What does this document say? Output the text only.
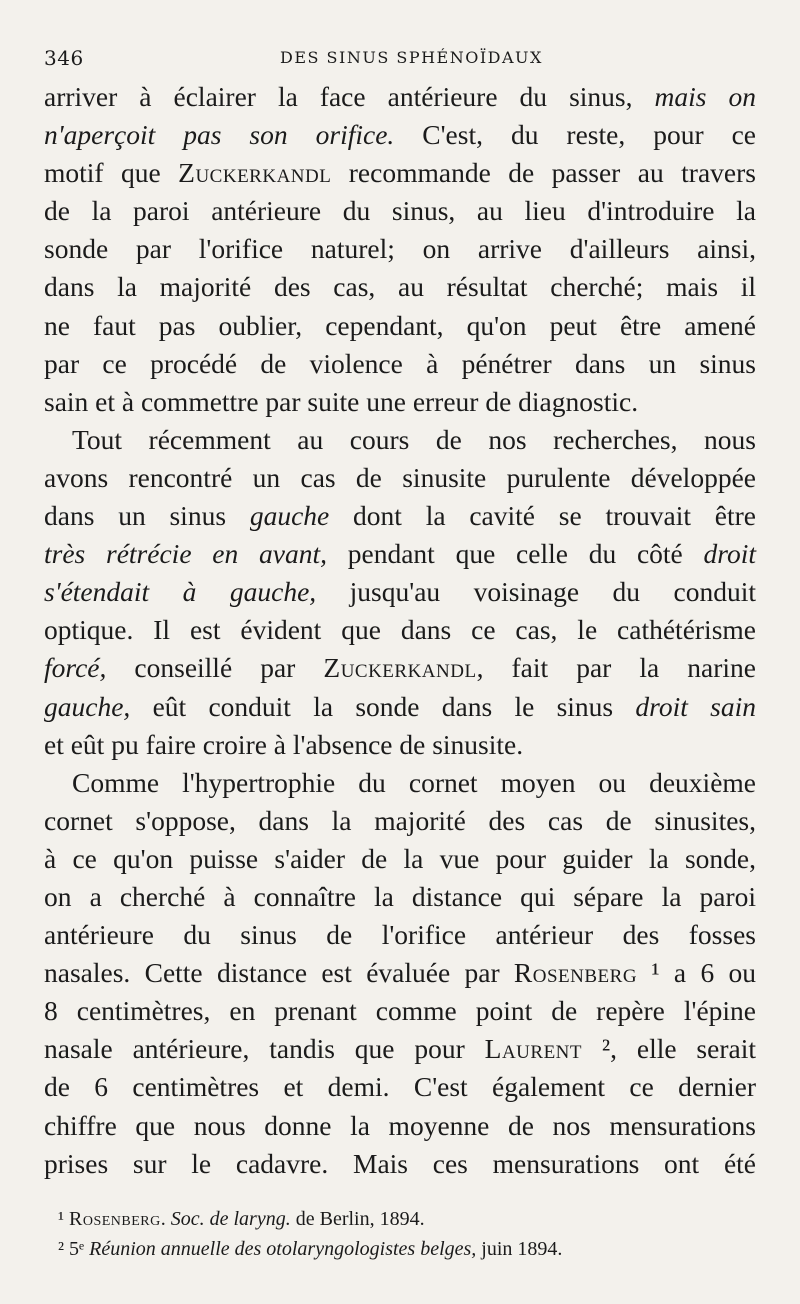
346	DES SINUS SPHÉNOÏDAUX
arriver à éclairer la face antérieure du sinus, mais on
n'aperçoit pas son orifice. C'est, du reste, pour ce
motif que Zuckerkandl recommande de passer au travers
de la paroi antérieure du sinus, au lieu d'introduire la
sonde par l'orifice naturel; on arrive d'ailleurs ainsi,
dans la majorité des cas, au résultat cherché; mais il
ne faut pas oublier, cependant, qu'on peut être amené
par ce procédé de violence à pénétrer dans un sinus
sain et à commettre par suite une erreur de diagnostic.
Tout récemment au cours de nos recherches, nous
avons rencontré un cas de sinusite purulente développée
dans un sinus gauche dont la cavité se trouvait être
très rétrécie en avant, pendant que celle du côté droit
s'étendait à gauche, jusqu'au voisinage du conduit
optique. Il est évident que dans ce cas, le cathétérisme
forcé, conseillé par Zuckerkandl, fait par la narine
gauche, eût conduit la sonde dans le sinus droit sain
et eût pu faire croire à l'absence de sinusite.
Comme l'hypertrophie du cornet moyen ou deuxième
cornet s'oppose, dans la majorité des cas de sinusites,
à ce qu'on puisse s'aider de la vue pour guider la sonde,
on a cherché à connaître la distance qui sépare la paroi
antérieure du sinus de l'orifice antérieur des fosses
nasales. Cette distance est évaluée par Rosenberg ¹ a 6 ou
8 centimètres, en prenant comme point de repère l'épine
nasale antérieure, tandis que pour Laurent ², elle serait
de 6 centimètres et demi. C'est également ce dernier
chiffre que nous donne la moyenne de nos mensurations
prises sur le cadavre. Mais ces mensurations ont été
¹ Rosenberg. Soc. de laryng. de Berlin, 1894.
² 5ᵉ Réunion annuelle des otolaryngologistes belges, juin 1894.
